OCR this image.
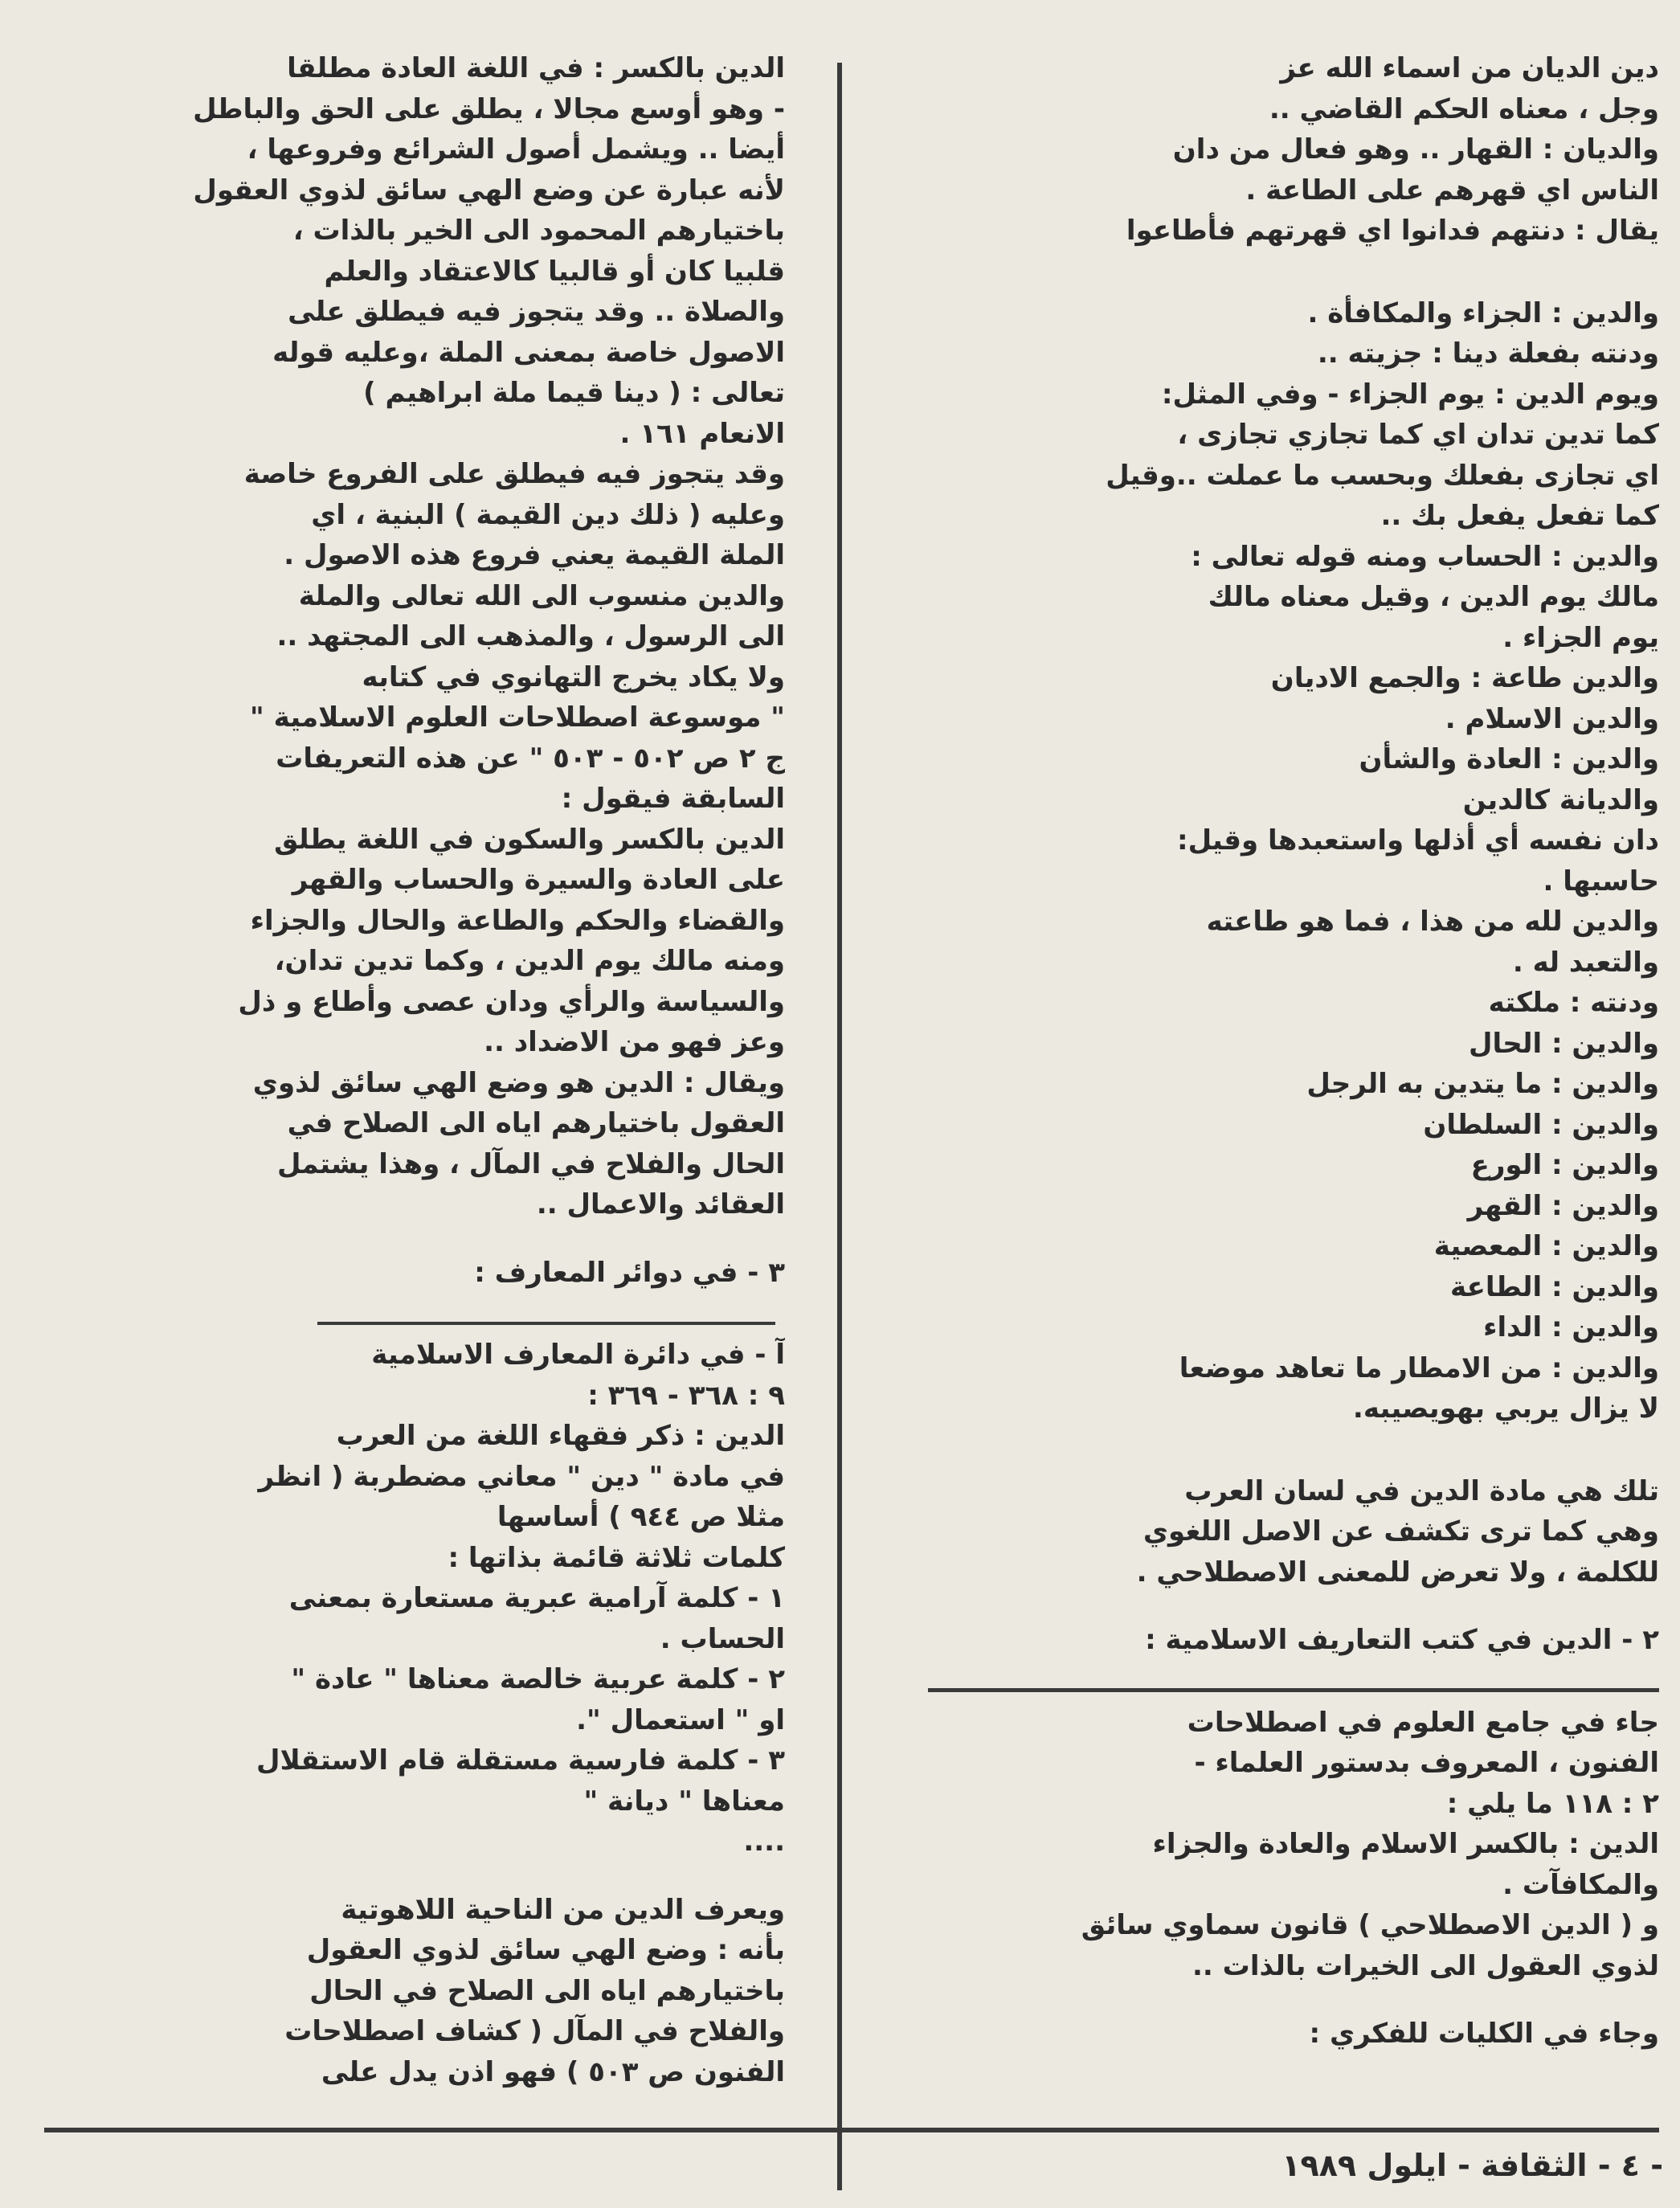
دين الديان من اسماء الله عز

وجل ، معناه الحكم القاضي ..

والديان : القهار .. وهو فعال من دان

الناس اي قهرهم على الطاعة .

يقال : دنتهم فدانوا اي قهرتهم فأطاعوا

والدين : الجزاء والمكافأة .

ودنته بفعلة دينا : جزيته ..

ويوم الدين : يوم الجزاء - وفي المثل:

كما تدين تدان اي كما تجازي تجازى ،

اي تجازى بفعلك وبحسب ما عملت ..وقيل

كما تفعل يفعل بك ..

والدين : الحساب ومنه قوله تعالى :

مالك يوم الدين ، وقيل معناه مالك

يوم الجزاء .

والدين طاعة : والجمع الاديان

والدين الاسلام .

والدين : العادة والشأن

والديانة كالدين

دان نفسه أي أذلها واستعبدها وقيل:

حاسبها .

والدين لله من هذا ، فما هو طاعته

والتعبد له .

ودنته : ملكته

والدين : الحال

والدين : ما يتدين به الرجل

والدين : السلطان

والدين : الورع

والدين : القهر

والدين : المعصية

والدين : الطاعة

والدين : الداء

والدين : من الامطار ما تعاهد موضعا

لا يزال يربي بهويصيبه.

تلك هي مادة الدين في لسان العرب

وهي كما ترى تكشف عن الاصل اللغوي

للكلمة ، ولا تعرض للمعنى الاصطلاحي .

٢ - الدين في كتب التعاريف الاسلامية :

جاء في جامع العلوم في اصطلاحات

الفنون ، المعروف بدستور العلماء -

٢ : ١١٨ ما يلي :

الدين : بالكسر الاسلام والعادة والجزاء

والمكافآت .

و ( الدين الاصطلاحي ) قانون سماوي سائق

لذوي العقول الى الخيرات بالذات ..

وجاء في الكليات للفكري :

الدين بالكسر : في اللغة العادة مطلقا

- وهو أوسع مجالا ، يطلق على الحق والباطل

أيضا .. ويشمل أصول الشرائع وفروعها ،

لأنه عبارة عن وضع الهي سائق لذوي العقول

باختيارهم المحمود الى الخير بالذات ،

قلبيا كان أو قالبيا كالاعتقاد والعلم

والصلاة .. وقد يتجوز فيه فيطلق على

الاصول خاصة بمعنى الملة ،وعليه قوله

تعالى : ( دينا قيما ملة ابراهيم )

الانعام ١٦١ .

وقد يتجوز فيه فيطلق على الفروع خاصة

وعليه ( ذلك دين القيمة ) البنية ، اي

الملة القيمة يعني فروع هذه الاصول .

والدين منسوب الى الله تعالى والملة

الى الرسول ، والمذهب الى المجتهد ..

ولا يكاد يخرج التهانوي في كتابه

" موسوعة اصطلاحات العلوم الاسلامية "

ج ٢ ص ٥٠٢ - ٥٠٣ " عن هذه التعريفات

السابقة فيقول :

الدين بالكسر والسكون في اللغة يطلق

على العادة والسيرة والحساب والقهر

والقضاء والحكم والطاعة والحال والجزاء

ومنه مالك يوم الدين ، وكما تدين تدان،

والسياسة والرأي ودان عصى وأطاع و ذل

وعز فهو من الاضداد ..

ويقال : الدين هو وضع الهي سائق لذوي

العقول باختيارهم اياه الى الصلاح في

الحال والفلاح في المآل ، وهذا يشتمل

العقائد والاعمال ..

٣ - في دوائر المعارف :

آ - في دائرة المعارف الاسلامية

٩ : ٣٦٨ - ٣٦٩ :

الدين : ذكر فقهاء اللغة من العرب

في مادة " دين " معاني مضطربة ( انظر

مثلا ص ٩٤٤ ) أساسها

كلمات ثلاثة قائمة بذاتها :

١ - كلمة آرامية عبرية مستعارة بمعنى

الحساب .

٢ - كلمة عربية خالصة معناها " عادة "

او " استعمال ".

٣ - كلمة فارسية مستقلة قام الاستقلال

معناها " ديانة "

....

ويعرف الدين من الناحية اللاهوتية

بأنه : وضع الهي سائق لذوي العقول

باختيارهم اياه الى الصلاح في الحال

والفلاح في المآل ( كشاف اصطلاحات

الفنون ص ٥٠٣ ) فهو اذن يدل على

- ٤ - الثقافة - ايلول ١٩٨٩
